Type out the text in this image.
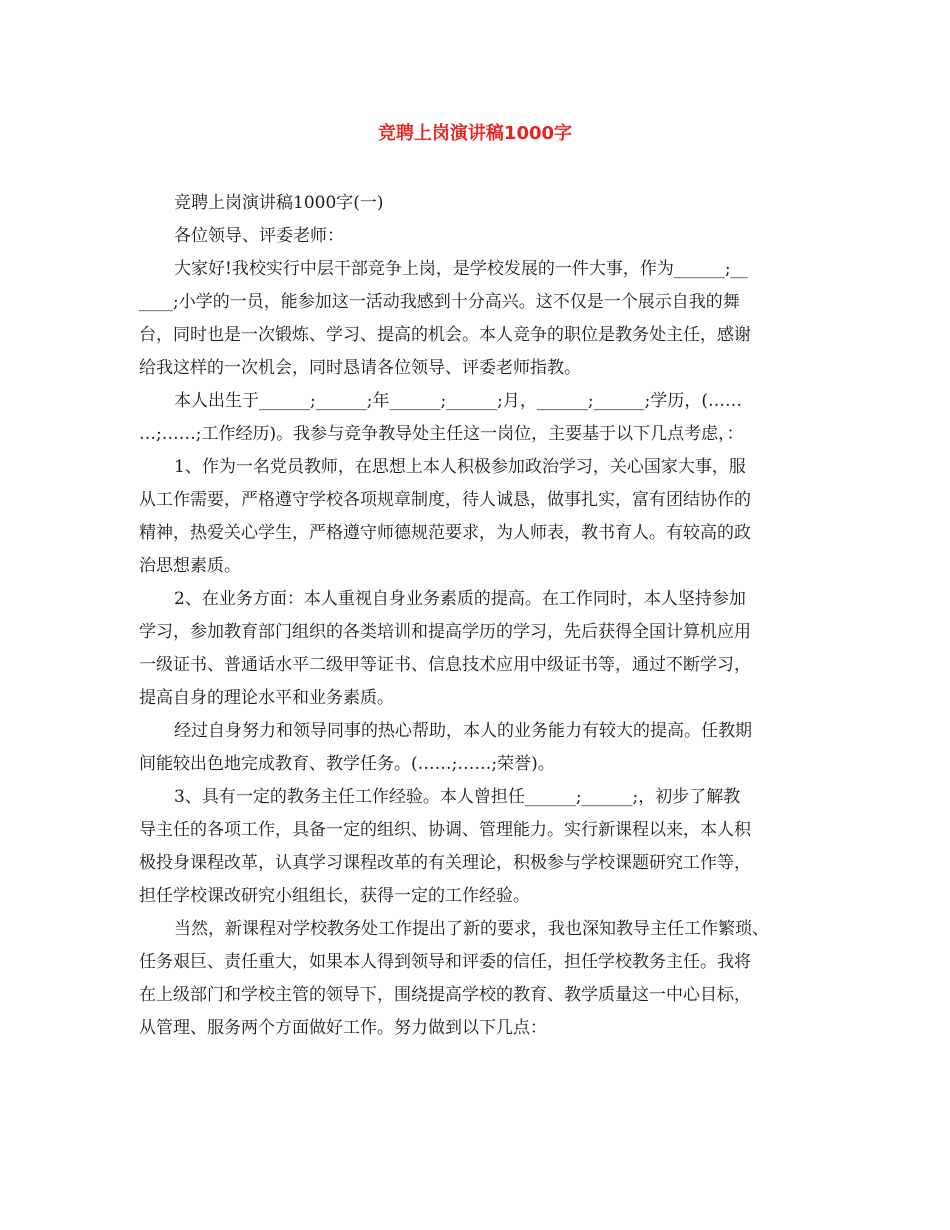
竞聘上岗演讲稿1000字
竞聘上岗演讲稿1000字(一)
各位领导、评委老师：
大家好!我校实行中层干部竞争上岗，是学校发展的一件大事，作为______;__
____;小学的一员，能参加这一活动我感到十分高兴。这不仅是一个展示自我的舞
台，同时也是一次锻炼、学习、提高的机会。本人竞争的职位是教务处主任，感谢
给我这样的一次机会，同时恳请各位领导、评委老师指教。
本人出生于______;______;年______;______;月，______;______;学历，(……
…;……;工作经历)。我参与竞争教导处主任这一岗位，主要基于以下几点考虑，：
1、作为一名党员教师，在思想上本人积极参加政治学习，关心国家大事，服
从工作需要，严格遵守学校各项规章制度，待人诚恳，做事扎实，富有团结协作的
精神，热爱关心学生，严格遵守师德规范要求，为人师表，教书育人。有较高的政
治思想素质。
2、在业务方面：本人重视自身业务素质的提高。在工作同时，本人坚持参加
学习，参加教育部门组织的各类培训和提高学历的学习，先后获得全国计算机应用
一级证书、普通话水平二级甲等证书、信息技术应用中级证书等，通过不断学习，
提高自身的理论水平和业务素质。
经过自身努力和领导同事的热心帮助，本人的业务能力有较大的提高。任教期
间能较出色地完成教育、教学任务。(……;……;荣誉)。
3、具有一定的教务主任工作经验。本人曾担任______;______;，初步了解教
导主任的各项工作，具备一定的组织、协调、管理能力。实行新课程以来，本人积
极投身课程改革，认真学习课程改革的有关理论，积极参与学校课题研究工作等，
担任学校课改研究小组组长，获得一定的工作经验。
当然，新课程对学校教务处工作提出了新的要求，我也深知教导主任工作繁琐、
任务艰巨、责任重大，如果本人得到领导和评委的信任，担任学校教务主任。我将
在上级部门和学校主管的领导下，围绕提高学校的教育、教学质量这一中心目标，
从管理、服务两个方面做好工作。努力做到以下几点：
